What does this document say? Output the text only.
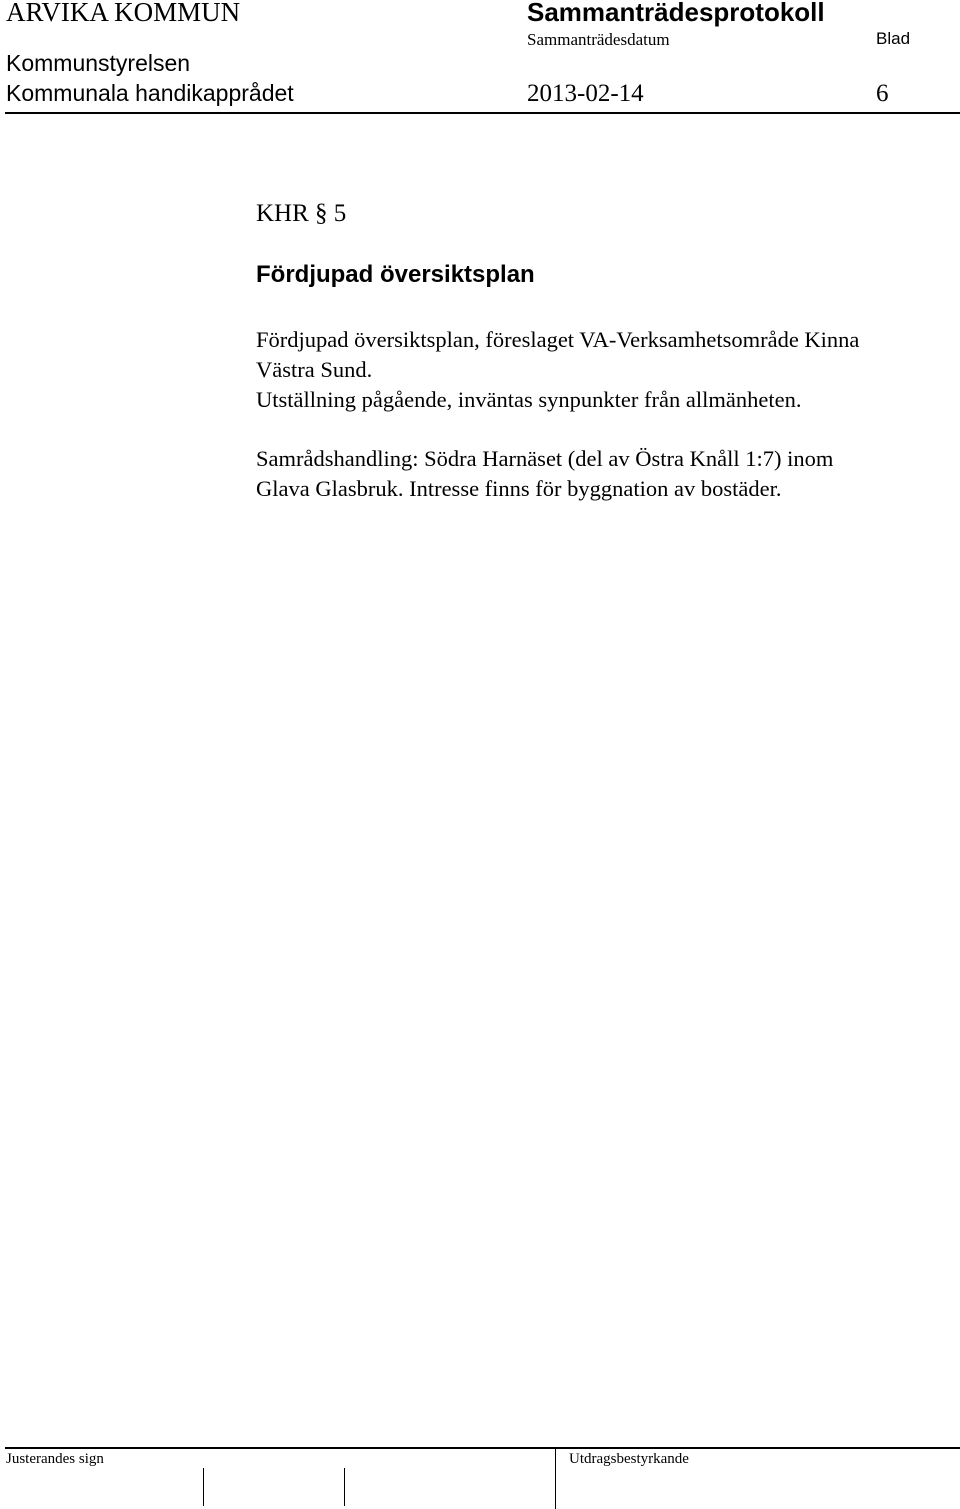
ARVIKA KOMMUN	Sammanträdesprotokoll
Sammanträdesdatum	Blad
Kommunstyrelsen
Kommunala handikapprådet	2013-02-14	6
KHR § 5
Fördjupad översiktsplan
Fördjupad översiktsplan, föreslaget VA-Verksamhetsområde Kinna
Västra Sund.
Utställning pågående, inväntas synpunkter från allmänheten.
Samrådshandling: Södra Harnäset (del av Östra Knåll 1:7) inom
Glava Glasbruk. Intresse finns för byggnation av bostäder.
Justerandes sign	Utdragsbestyrkande
